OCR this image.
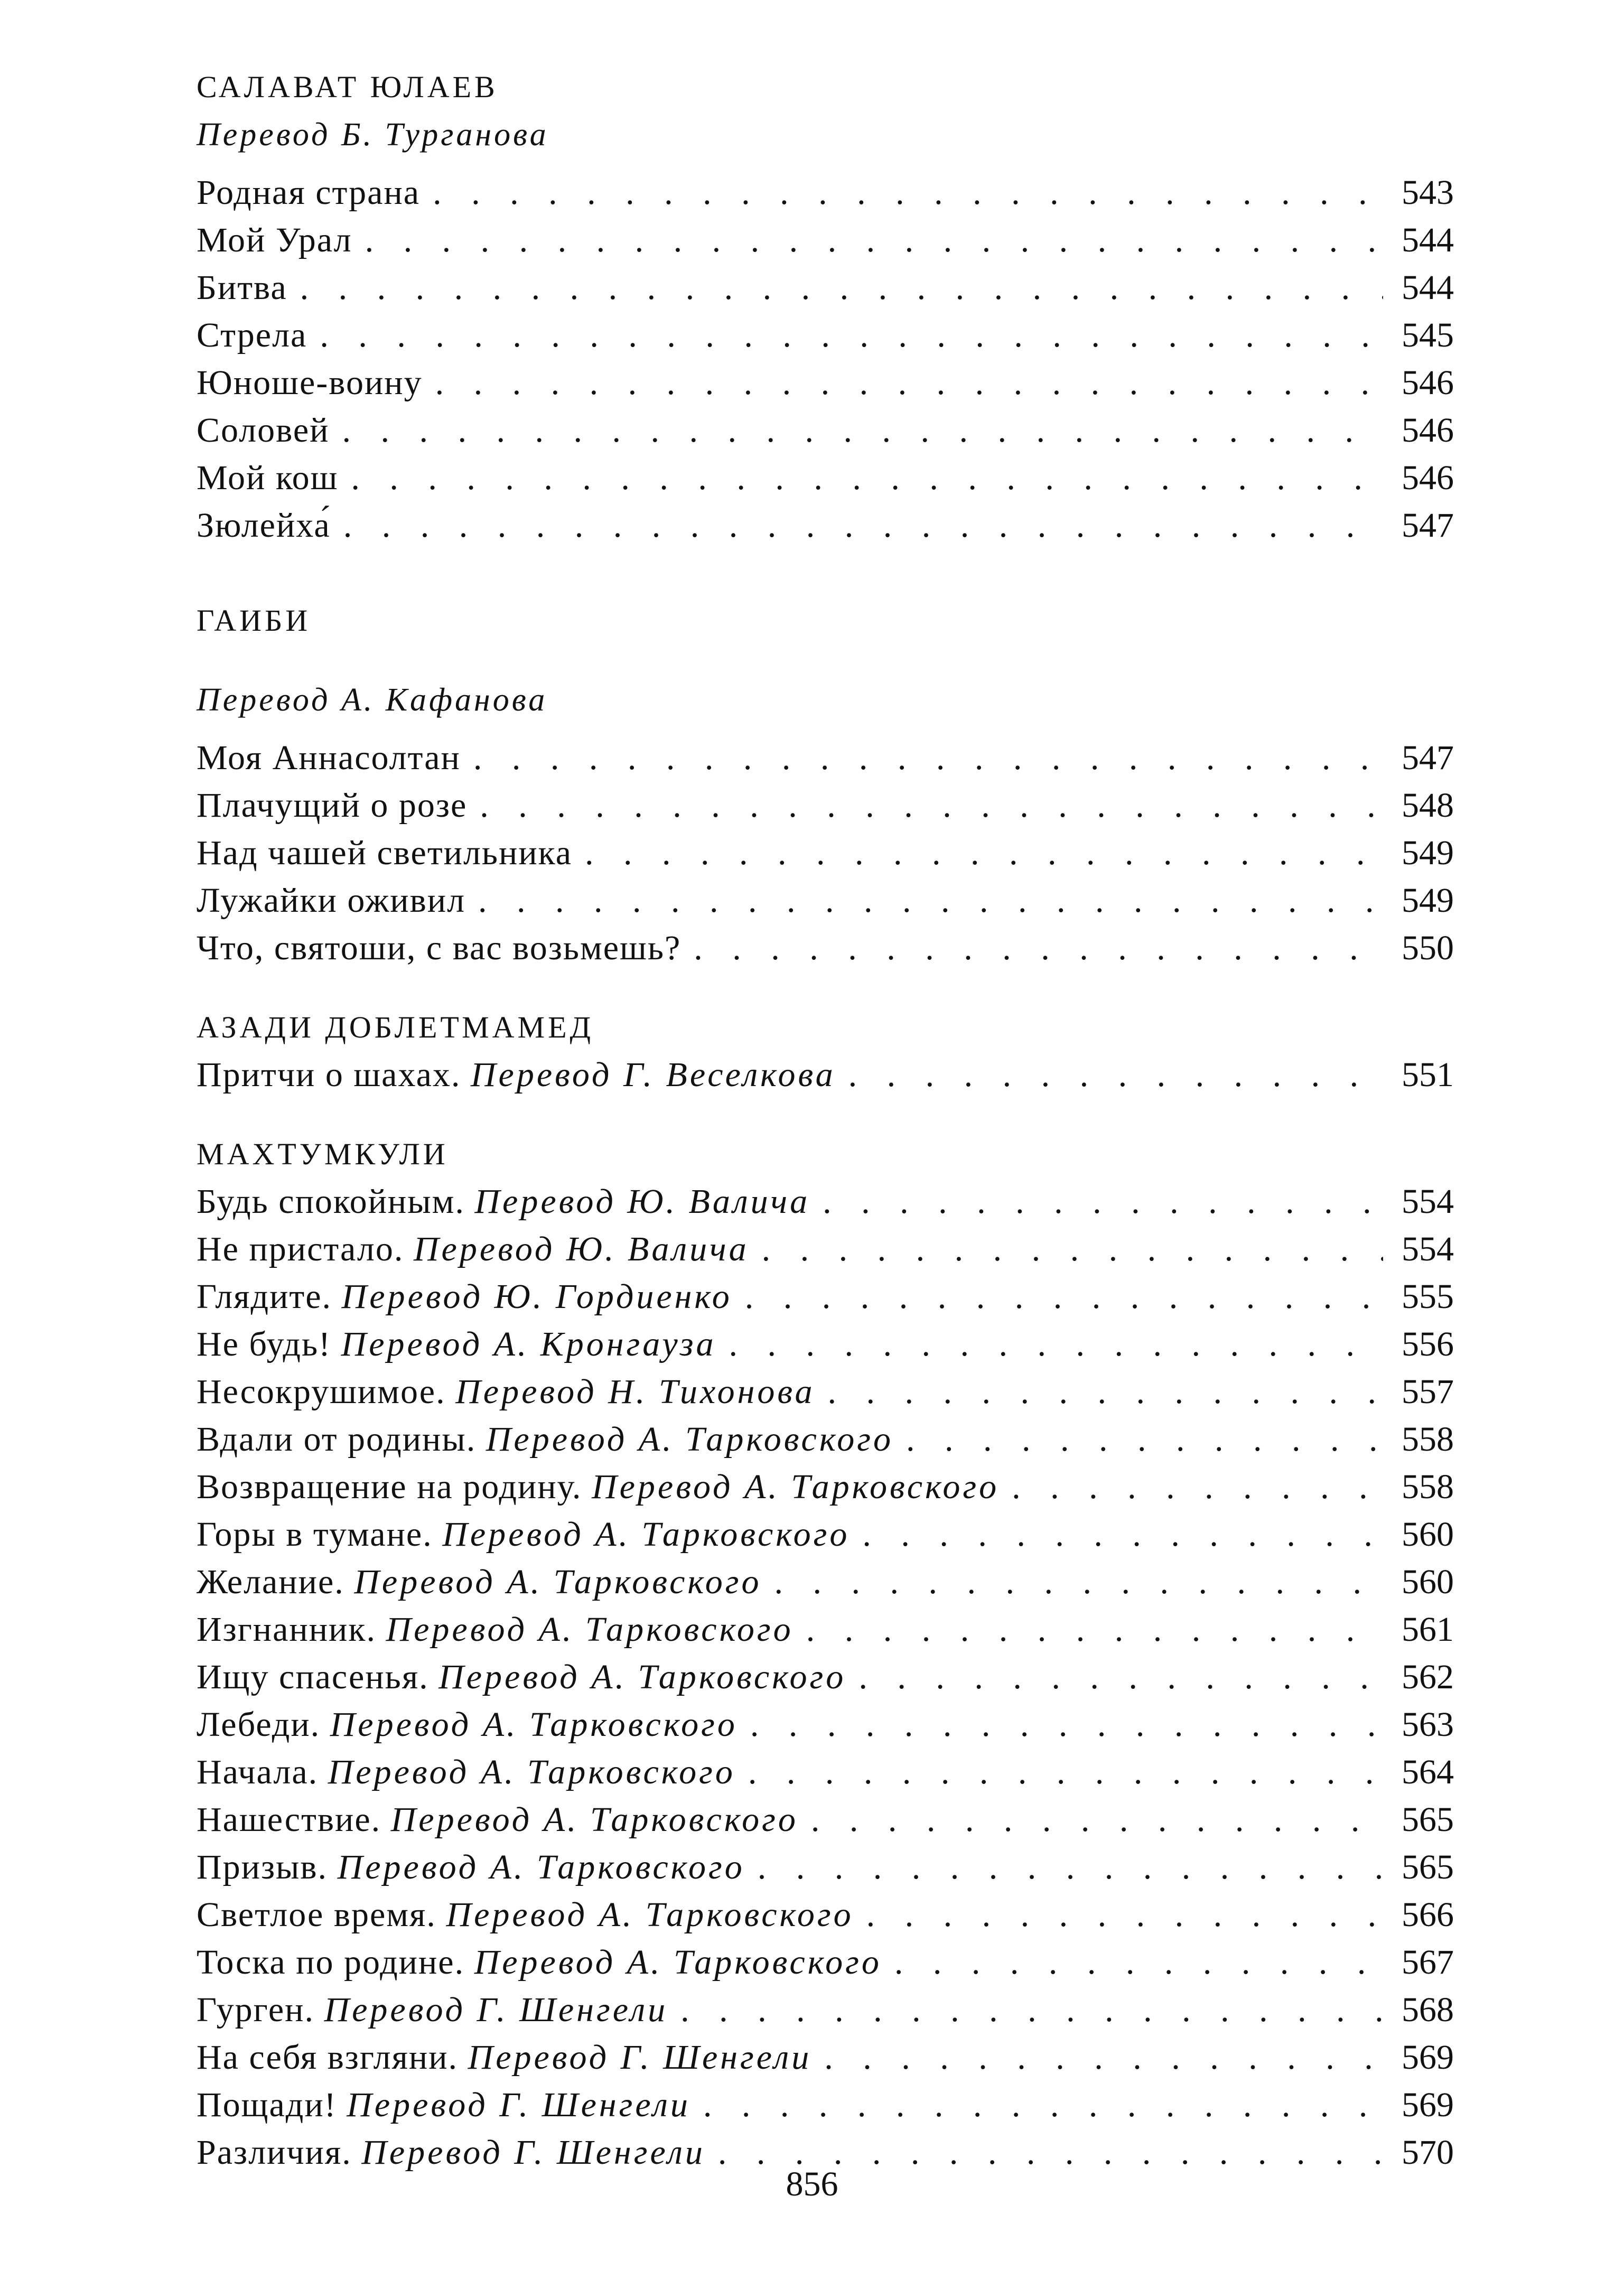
САЛАВАТ ЮЛАЕВ
Перевод Б. Турганова
Родная страна . . .	543
Мой Урал . . .	544
Битва . . .	544
Стрела . . .	545
Юноше-воину . . .	546
Соловей . . .	546
Мой кош . . .	546
Зюлейха́ . . .	547
ГАИБИ
Перевод А. Кафанова
Моя Аннасолтан . . .	547
Плачущий о розе . . .	548
Над чашей светильника . . .	549
Лужайки оживил . . .	549
Что, святоши, с вас возьмешь? . . .	550
АЗАДИ ДОБЛЕТМАМЕД
Притчи о шахах. Перевод Г. Веселкова . . .	551
МАХТУМКУЛИ
Будь спокойным. Перевод Ю. Валича . . .	554
Не пристало. Перевод Ю. Валича . . .	554
Глядите. Перевод Ю. Гордиенко . . .	555
Не будь! Перевод А. Кронгауза . . .	556
Несокрушимое. Перевод Н. Тихонова . . .	557
Вдали от родины. Перевод А. Тарковского . . .	558
Возвращение на родину. Перевод А. Тарковского . . .	558
Горы в тумане. Перевод А. Тарковского . . .	560
Желание. Перевод А. Тарковского . . .	560
Изгнанник. Перевод А. Тарковского . . .	561
Ищу спасенья. Перевод А. Тарковского . . .	562
Лебеди. Перевод А. Тарковского . . .	563
Начала. Перевод А. Тарковского . . .	564
Нашествие. Перевод А. Тарковского . . .	565
Призыв. Перевод А. Тарковского . . .	565
Светлое время. Перевод А. Тарковского . . .	566
Тоска по родине. Перевод А. Тарковского . . .	567
Гурген. Перевод Г. Шенгели . . .	568
На себя взгляни. Перевод Г. Шенгели . . .	569
Пощади! Перевод Г. Шенгели . . .	569
Различия. Перевод Г. Шенгели . . .	570
856
